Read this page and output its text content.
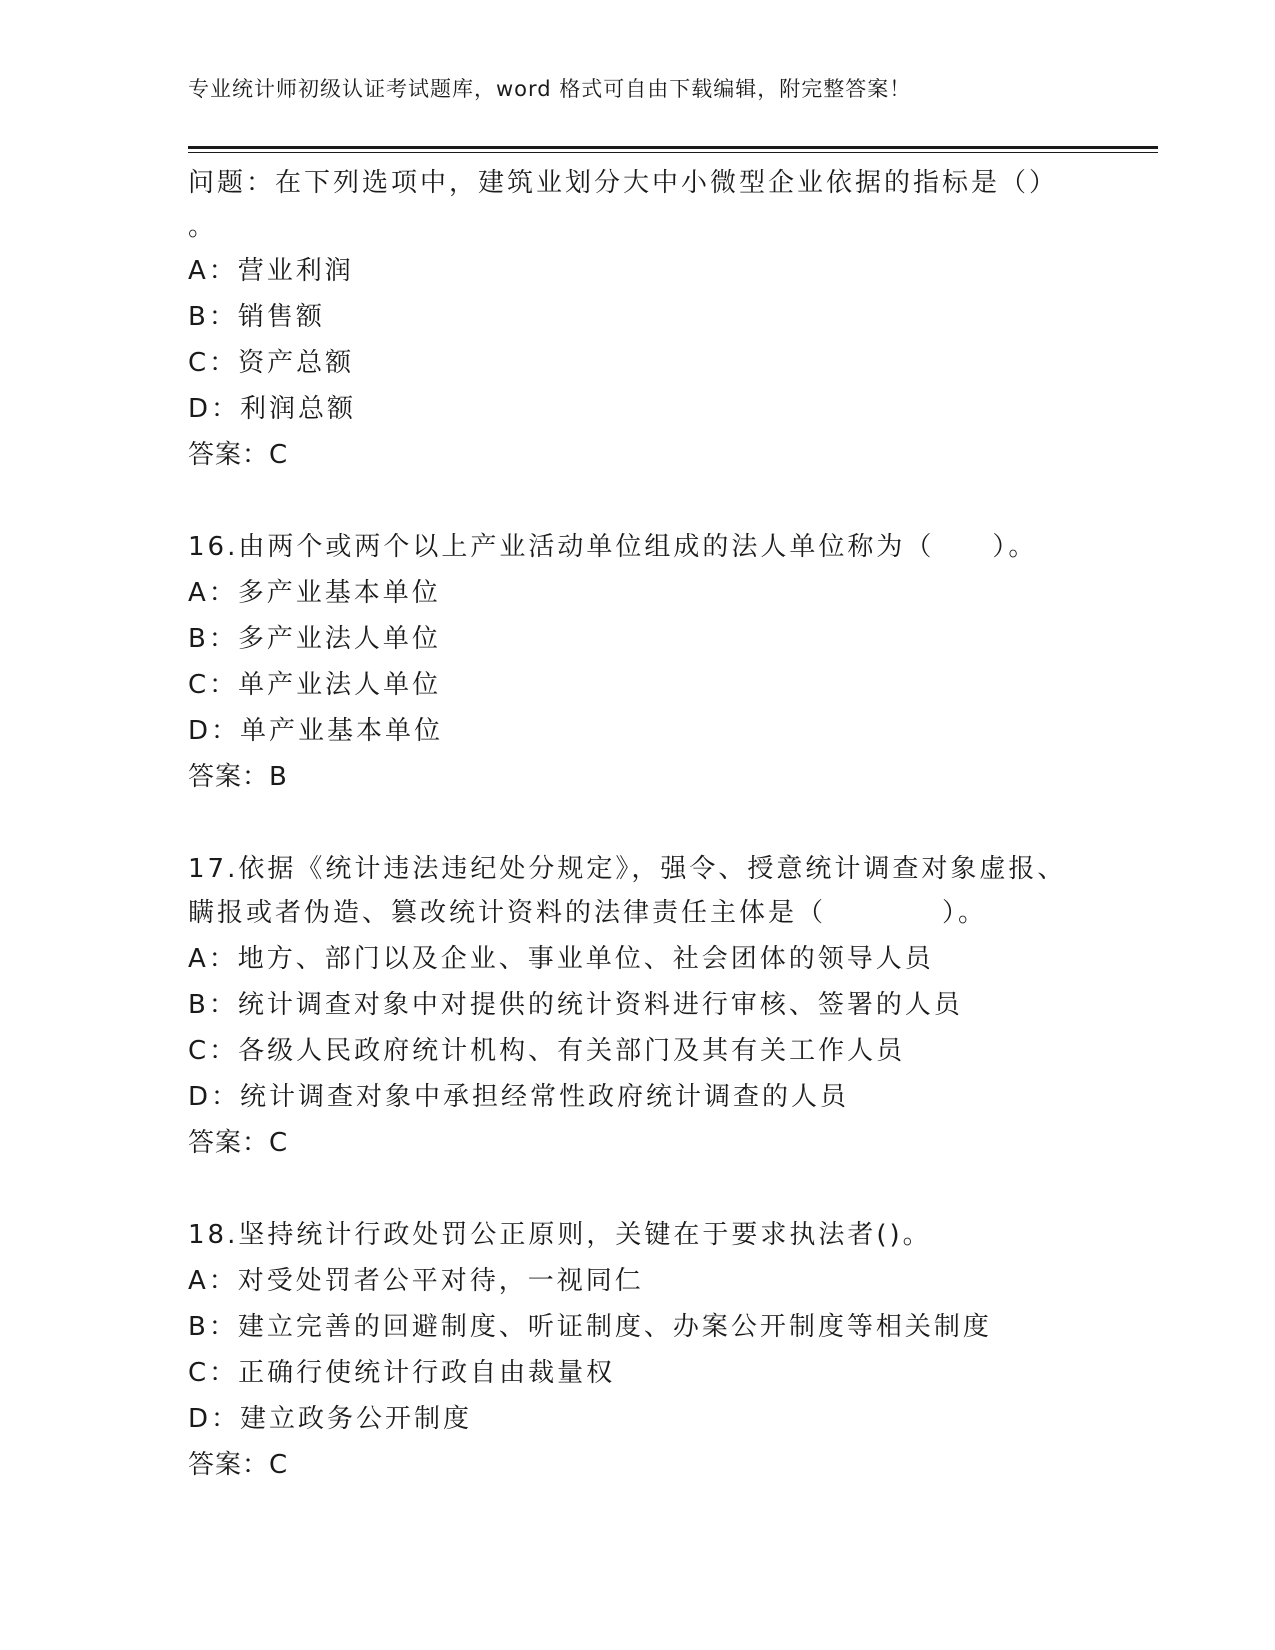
专业统计师初级认证考试题库，word 格式可自由下载编辑，附完整答案！
问题：在下列选项中，建筑业划分大中小微型企业依据的指标是（）
。
A：营业利润
B：销售额
C：资产总额
D：利润总额
答案：C
16.由两个或两个以上产业活动单位组成的法人单位称为（　　）。
A：多产业基本单位
B：多产业法人单位
C：单产业法人单位
D：单产业基本单位
答案：B
17.依据《统计违法违纪处分规定》，强令、授意统计调查对象虚报、
瞒报或者伪造、篡改统计资料的法律责任主体是（　　　　）。
A：地方、部门以及企业、事业单位、社会团体的领导人员
B：统计调查对象中对提供的统计资料进行审核、签署的人员
C：各级人民政府统计机构、有关部门及其有关工作人员
D：统计调查对象中承担经常性政府统计调查的人员
答案：C
18.坚持统计行政处罚公正原则，关键在于要求执法者()。
A：对受处罚者公平对待，一视同仁
B：建立完善的回避制度、听证制度、办案公开制度等相关制度
C：正确行使统计行政自由裁量权
D：建立政务公开制度
答案：C
